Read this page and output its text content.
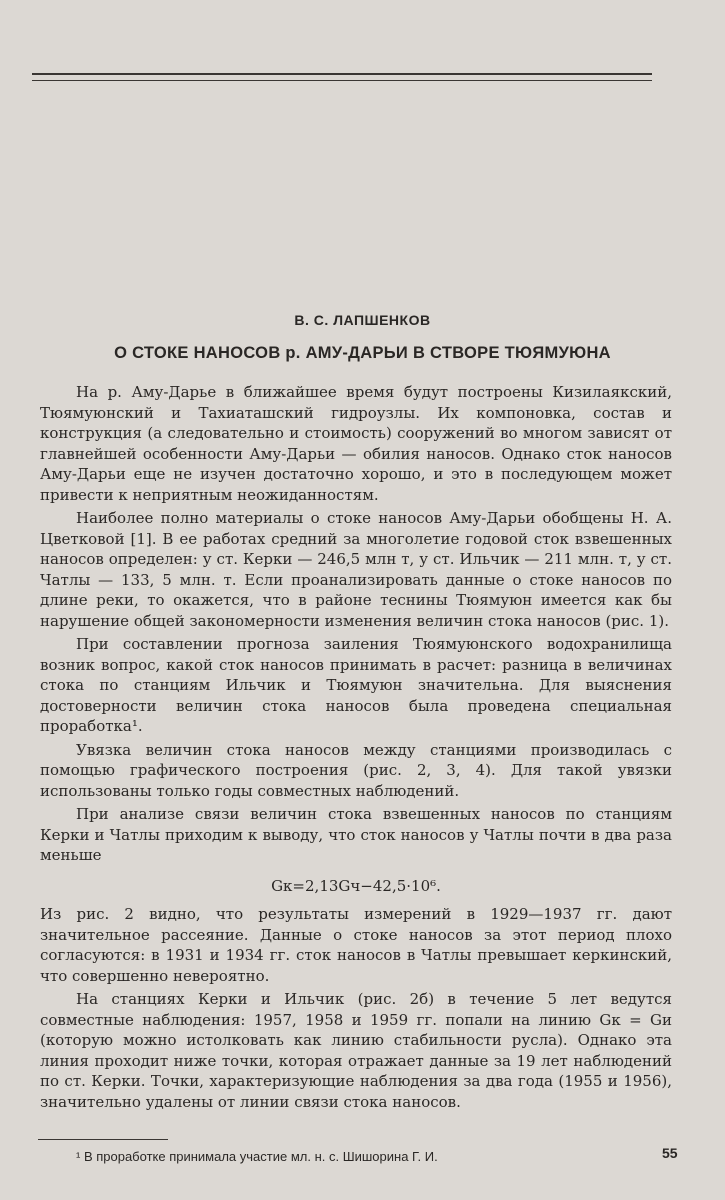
В. С. ЛАПШЕНКОВ
О СТОКЕ НАНОСОВ р. АМУ-ДАРЬИ В СТВОРЕ ТЮЯМУЮНА

На р. Аму-Дарье в ближайшее время будут построены Кизилаякский, Тюямуюнский и Тахиаташский гидроузлы. Их компоновка, состав и конструкция (а следовательно и стоимость) сооружений во многом зависят от главнейшей особенности Аму-Дарьи — обилия наносов. Однако сток наносов Аму-Дарьи еще не изучен достаточно хорошо, и это в последующем может привести к неприятным неожиданностям.

Наиболее полно материалы о стоке наносов Аму-Дарьи обобщены Н. А. Цветковой [1]. В ее работах средний за многолетие годовой сток взвешенных наносов определен: у ст. Керки — 246,5 млн т, у ст. Ильчик — 211 млн. т, у ст. Чатлы — 133, 5 млн. т. Если проанализировать данные о стоке наносов по длине реки, то окажется, что в районе теснины Тюямуюн имеется как бы нарушение общей закономерности изменения величин стока наносов (рис. 1).

При составлении прогноза заиления Тюямуюнского водохранилища возник вопрос, какой сток наносов принимать в расчет: разница в величинах стока по станциям Ильчик и Тюямуюн значительна. Для выяснения достоверности величин стока наносов была проведена специальная проработка¹.

Увязка величин стока наносов между станциями производилась с помощью графического построения (рис. 2, 3, 4). Для такой увязки использованы только годы совместных наблюдений.

При анализе связи величин стока взвешенных наносов по станциям Керки и Чатлы приходим к выводу, что сток наносов у Чатлы почти в два раза меньше

Gк=2,13Gч−42,5·10⁶.

Из рис. 2 видно, что результаты измерений в 1929—1937 гг. дают значительное рассеяние. Данные о стоке наносов за этот период плохо согласуются: в 1931 и 1934 гг. сток наносов в Чатлы превышает керкинский, что совершенно невероятно.

На станциях Керки и Ильчик (рис. 2б) в течение 5 лет ведутся совместные наблюдения: 1957, 1958 и 1959 гг. попали на линию Gк = Gи (которую можно истолковать как линию стабильности русла). Однако эта линия проходит ниже точки, которая отражает данные за 19 лет наблюдений по ст. Керки. Точки, характеризующие наблюдения за два года (1955 и 1956), значительно удалены от линии связи стока наносов.

¹ В проработке принимала участие мл. н. с. Шишорина Г. И.	55
